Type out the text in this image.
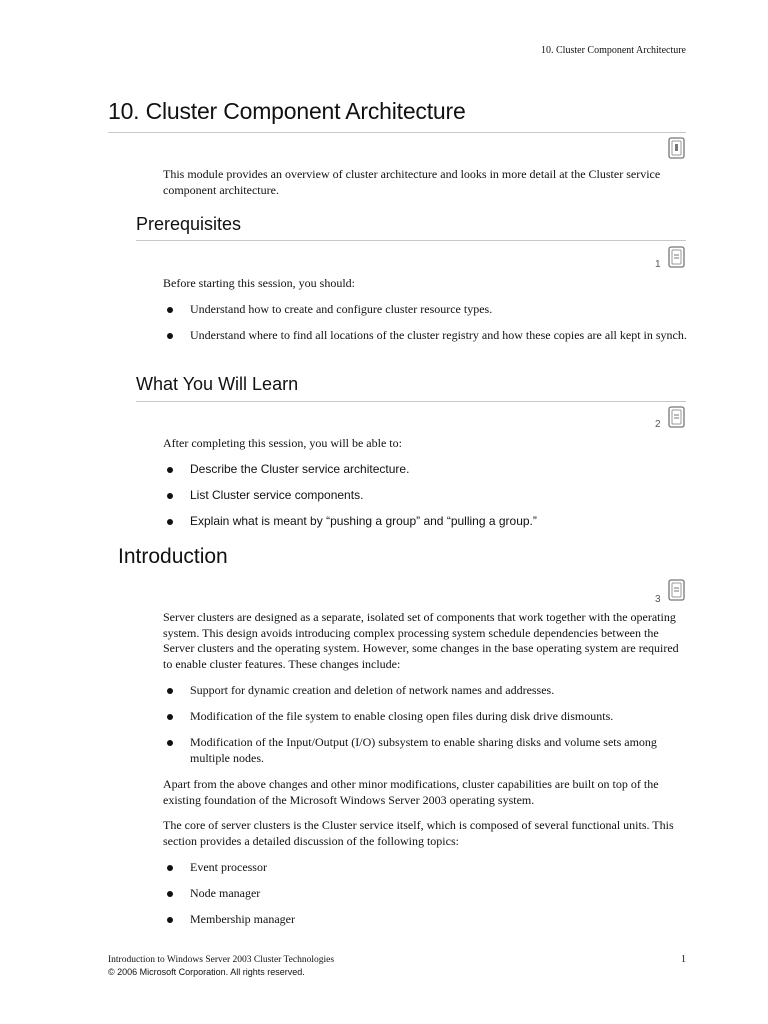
10. Cluster Component Architecture
10. Cluster Component Architecture

This module provides an overview of cluster architecture and looks in more detail at the Cluster service component architecture.

Prerequisites
1

Before starting this session, you should:

Understand how to create and configure cluster resource types.
Understand where to find all locations of the cluster registry and how these copies are all kept in synch.
What You Will Learn
2

After completing this session, you will be able to:

Describe the Cluster service architecture.
List Cluster service components.
Explain what is meant by “pushing a group” and “pulling a group.”
Introduction
3

Server clusters are designed as a separate, isolated set of components that work together with the operating system. This design avoids introducing complex processing system schedule dependencies between the Server clusters and the operating system. However, some changes in the base operating system are required to enable cluster features. These changes include:

Support for dynamic creation and deletion of network names and addresses.
Modification of the file system to enable closing open files during disk drive dismounts.
Modification of the Input/Output (I/O) subsystem to enable sharing disks and volume sets among multiple nodes.

Apart from the above changes and other minor modifications, cluster capabilities are built on top of the existing foundation of the Microsoft Windows Server 2003 operating system.

The core of server clusters is the Cluster service itself, which is composed of several functional units. This section provides a detailed discussion of the following topics:

Event processor
Node manager
Membership manager
Introduction to Windows Server 2003 Cluster Technologies
© 2006 Microsoft Corporation. All rights reserved.
1
